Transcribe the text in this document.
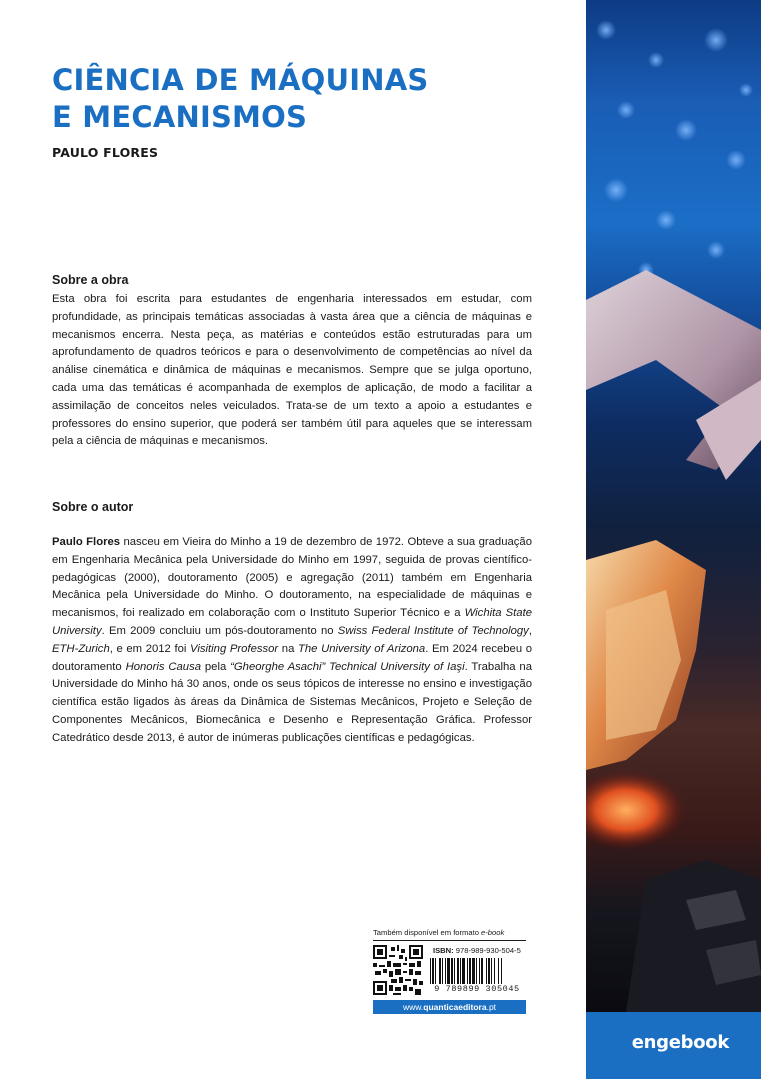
CIÊNCIA DE MÁQUINAS
E MECANISMOS
PAULO FLORES
Sobre a obra

Esta obra foi escrita para estudantes de engenharia interessados em estudar, com profundidade, as principais temáticas associadas à vasta área que a ciência de máquinas e mecanismos encerra. Nesta peça, as matérias e conteúdos estão estruturadas para um aprofundamento de quadros teóricos e para o desenvolvimento de competências ao nível da análise cinemática e dinâmica de máquinas e mecanismos. Sempre que se julga oportuno, cada uma das temáticas é acompanhada de exemplos de aplicação, de modo a facilitar a assimilação de conceitos neles veiculados. Trata-se de um texto a apoio a estudantes e professores do ensino superior, que poderá ser também útil para aqueles que se interessam pela a ciência de máquinas e mecanismos.

Sobre o autor

Paulo Flores nasceu em Vieira do Minho a 19 de dezembro de 1972. Obteve a sua graduação em Engenharia Mecânica pela Universidade do Minho em 1997, seguida de provas científico-pedagógicas (2000), doutoramento (2005) e agregação (2011) também em Engenharia Mecânica pela Universidade do Minho. O doutoramento, na especialidade de máquinas e mecanismos, foi realizado em colaboração com o Instituto Superior Técnico e a Wichita State University. Em 2009 concluiu um pós-doutoramento no Swiss Federal Institute of Technology, ETH-Zurich, e em 2012 foi Visiting Professor na The University of Arizona. Em 2024 recebeu o doutoramento Honoris Causa pela “Gheorghe Asachi” Technical University of Iaşi. Trabalha na Universidade do Minho há 30 anos, onde os seus tópicos de interesse no ensino e investigação científica estão ligados às áreas da Dinâmica de Sistemas Mecânicos, Projeto e Seleção de Componentes Mecânicos, Biomecânica e Desenho e Representação Gráfica. Professor Catedrático desde 2013, é autor de inúmeras publicações científicas e pedagógicas.

engebook
Também disponível em formato e-book
ISBN: 978-989-930-504-5
9 789899 305045
www.quanticaeditora.pt
